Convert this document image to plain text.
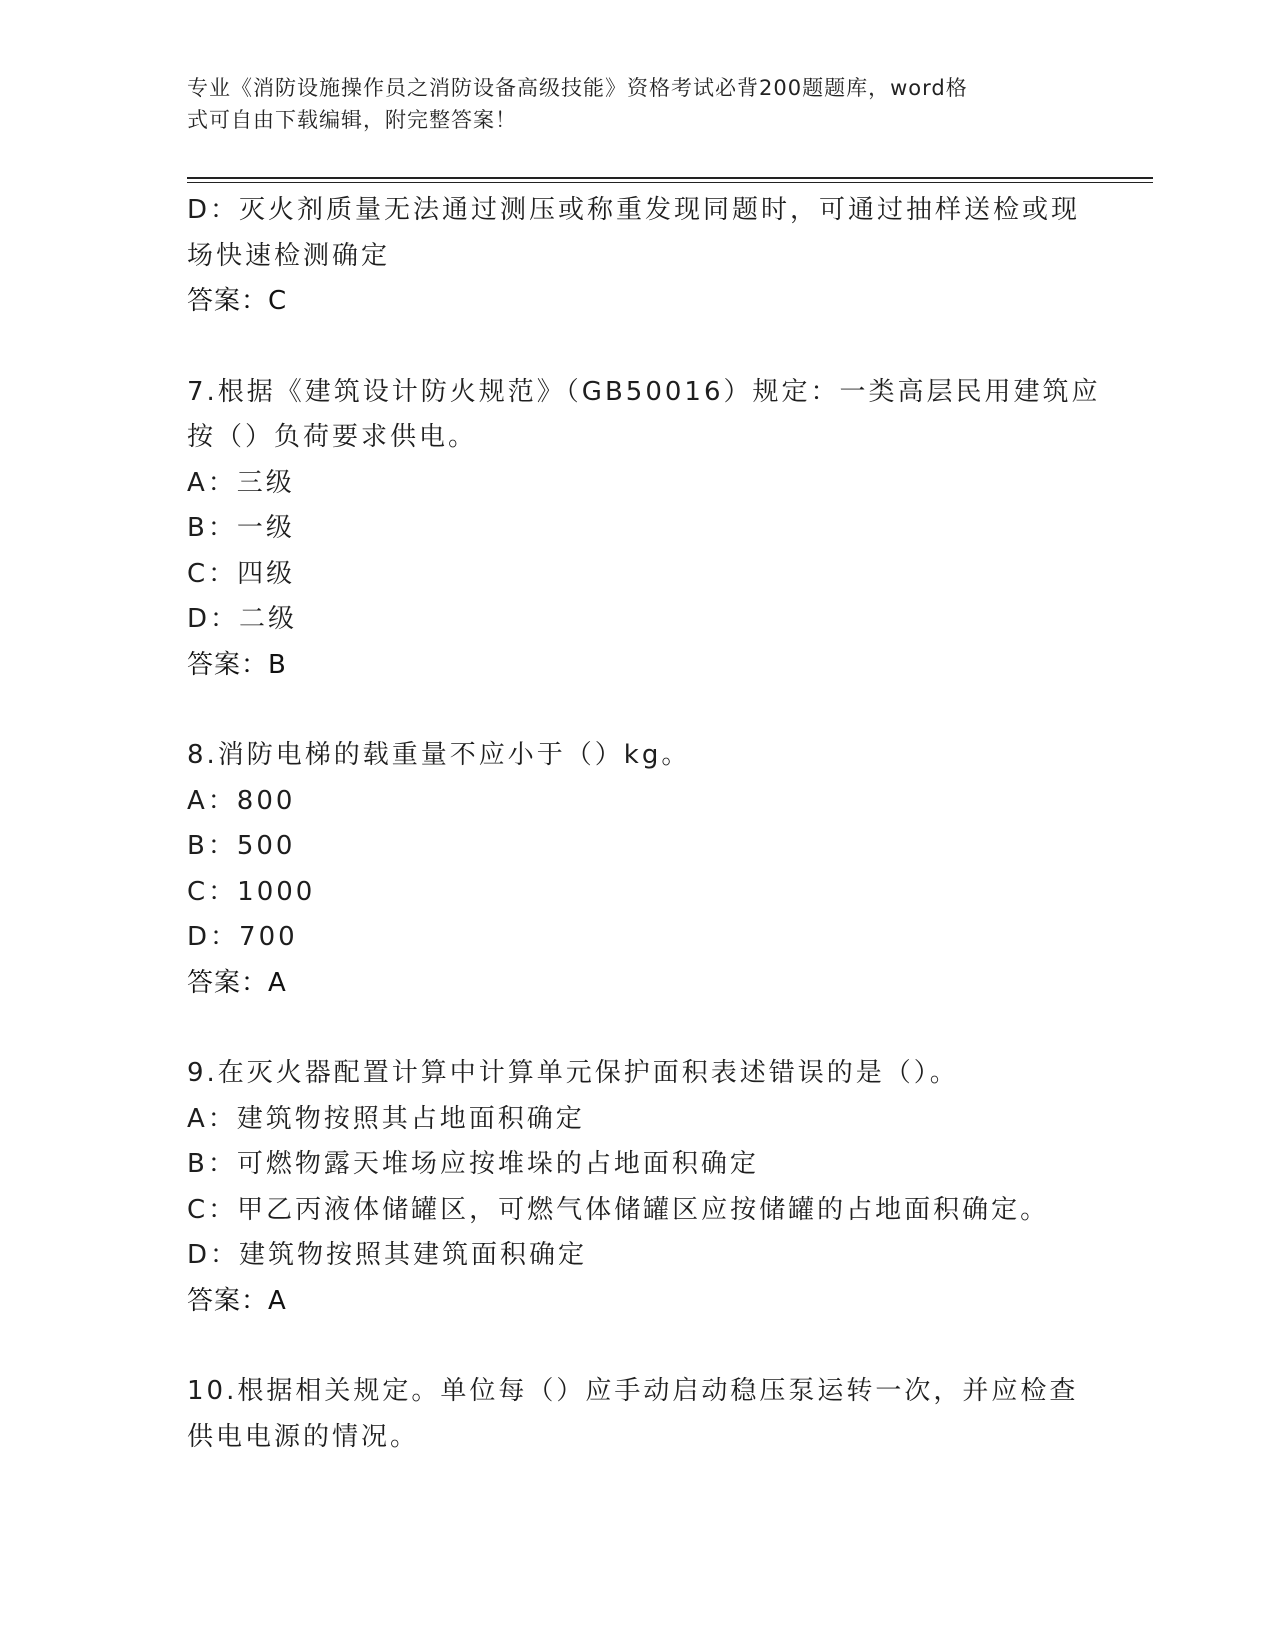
专业《消防设施操作员之消防设备高级技能》资格考试必背200题题库，word格
式可自由下载编辑，附完整答案！
D：灭火剂质量无法通过测压或称重发现同题时，可通过抽样送检或现
场快速检测确定
答案：C
7.根据《建筑设计防火规范》（GB50016）规定：一类高层民用建筑应
按（）负荷要求供电。
A：三级
B：一级
C：四级
D：二级
答案：B
8.消防电梯的载重量不应小于（）kg。
A：800
B：500
C：1000
D：700
答案：A
9.在灭火器配置计算中计算单元保护面积表述错误的是（）。
A：建筑物按照其占地面积确定
B：可燃物露天堆场应按堆垛的占地面积确定
C：甲乙丙液体储罐区，可燃气体储罐区应按储罐的占地面积确定。
D：建筑物按照其建筑面积确定
答案：A
10.根据相关规定。单位每（）应手动启动稳压泵运转一次，并应检查
供电电源的情况。
